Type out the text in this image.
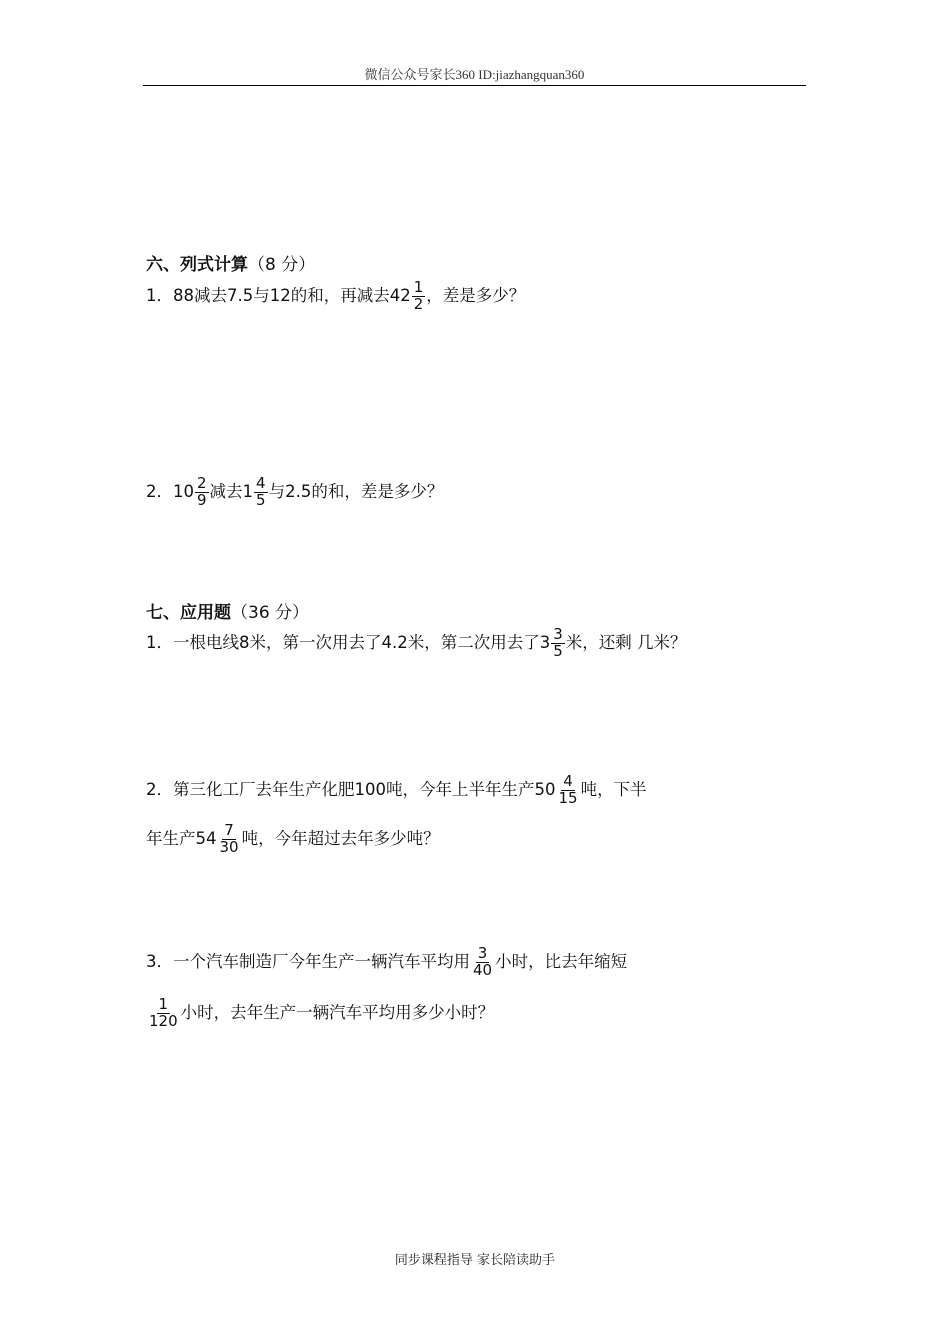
微信公众号家长360 ID:jiazhangquan360
六、列式计算（8 分）
1．88减去7.5与12的和，再减去$42 \frac{1}{2}$ ，差是多少？
2．$10 \frac{2}{9}$ 减去$1 \frac{4}{5}$ 与2.5的和，差是多少？
七、应用题（36 分）
1．一根电线8米，第一次用去了4.2米，第二次用去了$3 \frac{3}{5}$ 米，还剩 几米？
2．第三化工厂去年生产化肥100吨，今年上半年生产$50 \frac{4}{15}$ 吨，下半
年生产$54 \frac{7}{30}$ 吨，今年超过去年多少吨？
3．一个汽车制造厂今年生产一辆汽车平均用 $\frac{3}{40}$ 小时，比去年缩短
$\frac{1}{120}$ 小时，去年生产一辆汽车平均用多少小时？
同步课程指导 家长陪读助手
